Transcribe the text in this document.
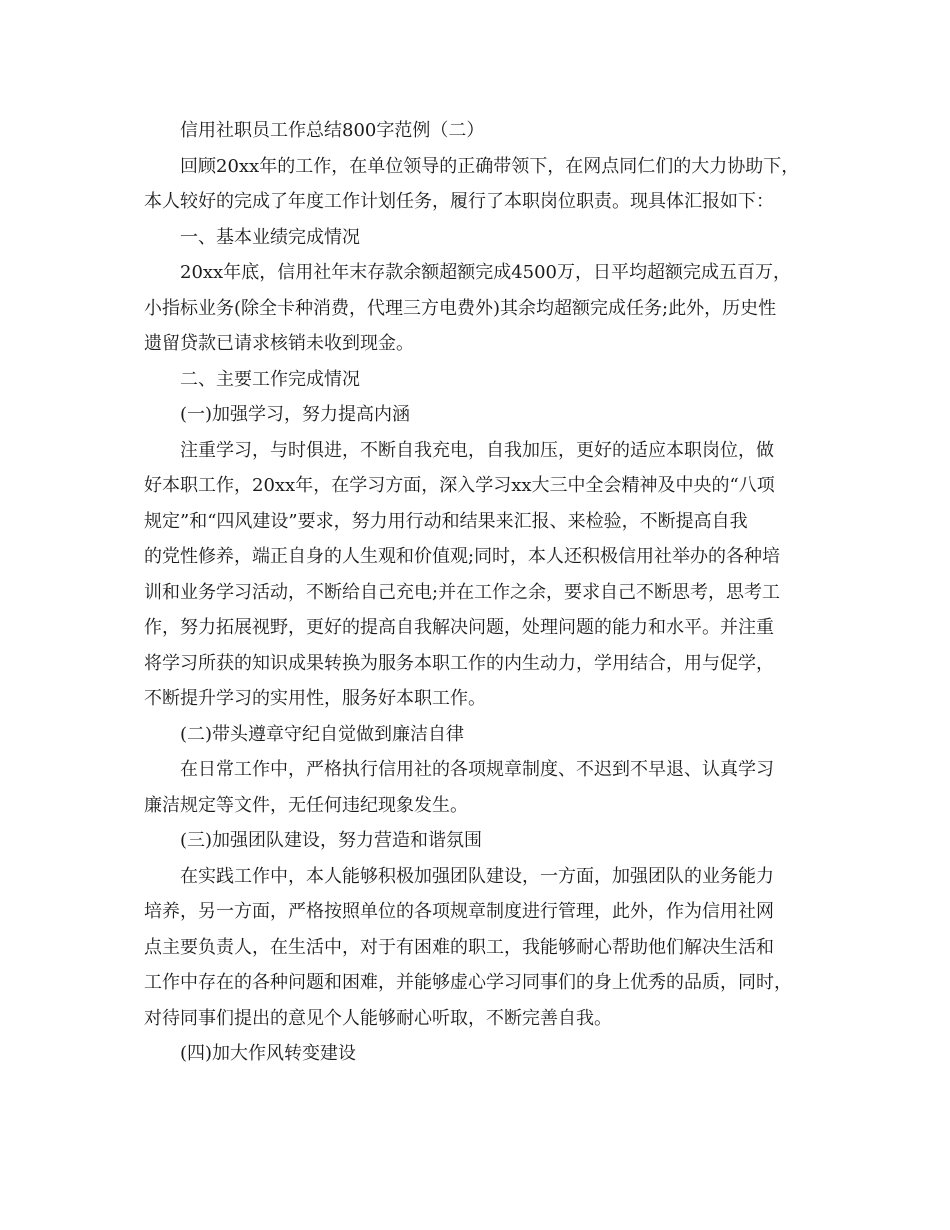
信用社职员工作总结800字范例（二）
回顾20xx年的工作，在单位领导的正确带领下，在网点同仁们的大力协助下，
本人较好的完成了年度工作计划任务，履行了本职岗位职责。现具体汇报如下：
一、基本业绩完成情况
20xx年底，信用社年末存款余额超额完成4500万，日平均超额完成五百万，
小指标业务(除全卡种消费，代理三方电费外)其余均超额完成任务;此外，历史性
遗留贷款已请求核销未收到现金。
二、主要工作完成情况
(一)加强学习，努力提高内涵
注重学习，与时俱进，不断自我充电，自我加压，更好的适应本职岗位，做
好本职工作，20xx年，在学习方面，深入学习xx大三中全会精神及中央的“八项
规定”和“四风建设”要求，努力用行动和结果来汇报、来检验，不断提高自我
的党性修养，端正自身的人生观和价值观;同时，本人还积极信用社举办的各种培
训和业务学习活动，不断给自己充电;并在工作之余，要求自己不断思考，思考工
作，努力拓展视野，更好的提高自我解决问题，处理问题的能力和水平。并注重
将学习所获的知识成果转换为服务本职工作的内生动力，学用结合，用与促学，
不断提升学习的实用性，服务好本职工作。
(二)带头遵章守纪自觉做到廉洁自律
在日常工作中，严格执行信用社的各项规章制度、不迟到不早退、认真学习
廉洁规定等文件，无任何违纪现象发生。
(三)加强团队建设，努力营造和谐氛围
在实践工作中，本人能够积极加强团队建设，一方面，加强团队的业务能力
培养，另一方面，严格按照单位的各项规章制度进行管理，此外，作为信用社网
点主要负责人，在生活中，对于有困难的职工，我能够耐心帮助他们解决生活和
工作中存在的各种问题和困难，并能够虚心学习同事们的身上优秀的品质，同时，
对待同事们提出的意见个人能够耐心听取，不断完善自我。
(四)加大作风转变建设
